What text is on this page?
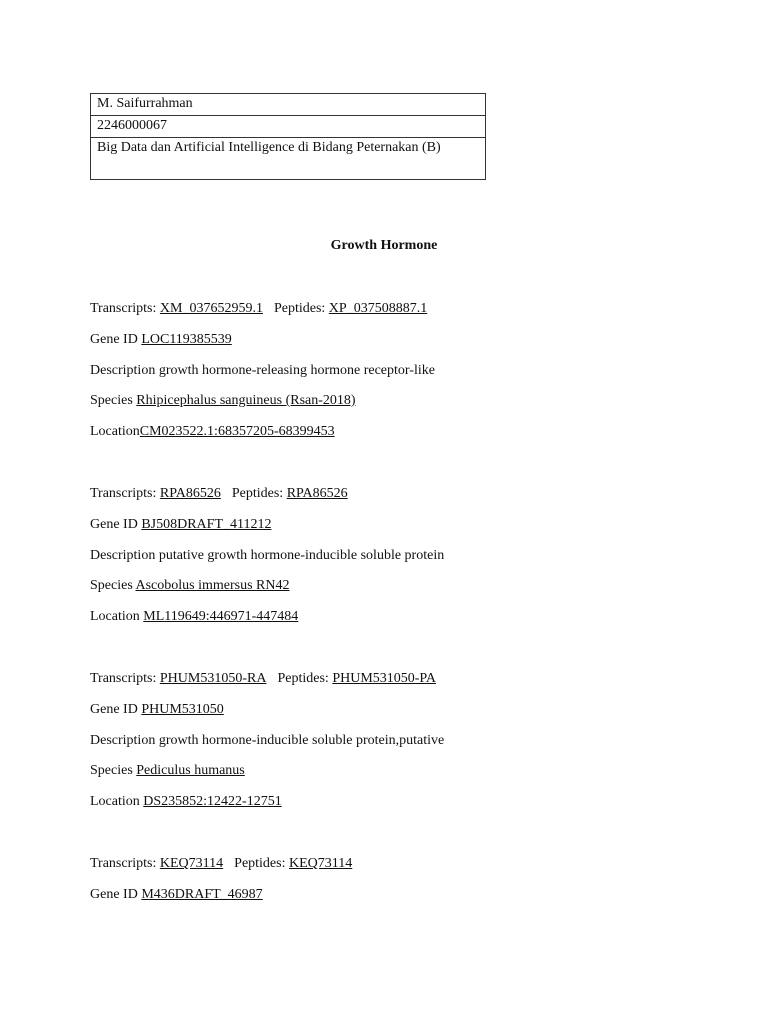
M. Saifurrahman
2246000067
Big Data dan Artificial Intelligence di Bidang Peternakan (B)
Growth Hormone
Transcripts: XM_037652959.1 Peptides: XP_037508887.1
Gene ID LOC119385539
Description growth hormone-releasing hormone receptor-like
Species Rhipicephalus sanguineus (Rsan-2018)
LocationCM023522.1:68357205-68399453
Transcripts: RPA86526 Peptides: RPA86526
Gene ID BJ508DRAFT_411212
Description putative growth hormone-inducible soluble protein
Species Ascobolus immersus RN42
Location ML119649:446971-447484
Transcripts: PHUM531050-RA Peptides: PHUM531050-PA
Gene ID PHUM531050
Description growth hormone-inducible soluble protein,putative
Species Pediculus humanus
Location DS235852:12422-12751
Transcripts: KEQ73114 Peptides: KEQ73114
Gene ID M436DRAFT_46987
